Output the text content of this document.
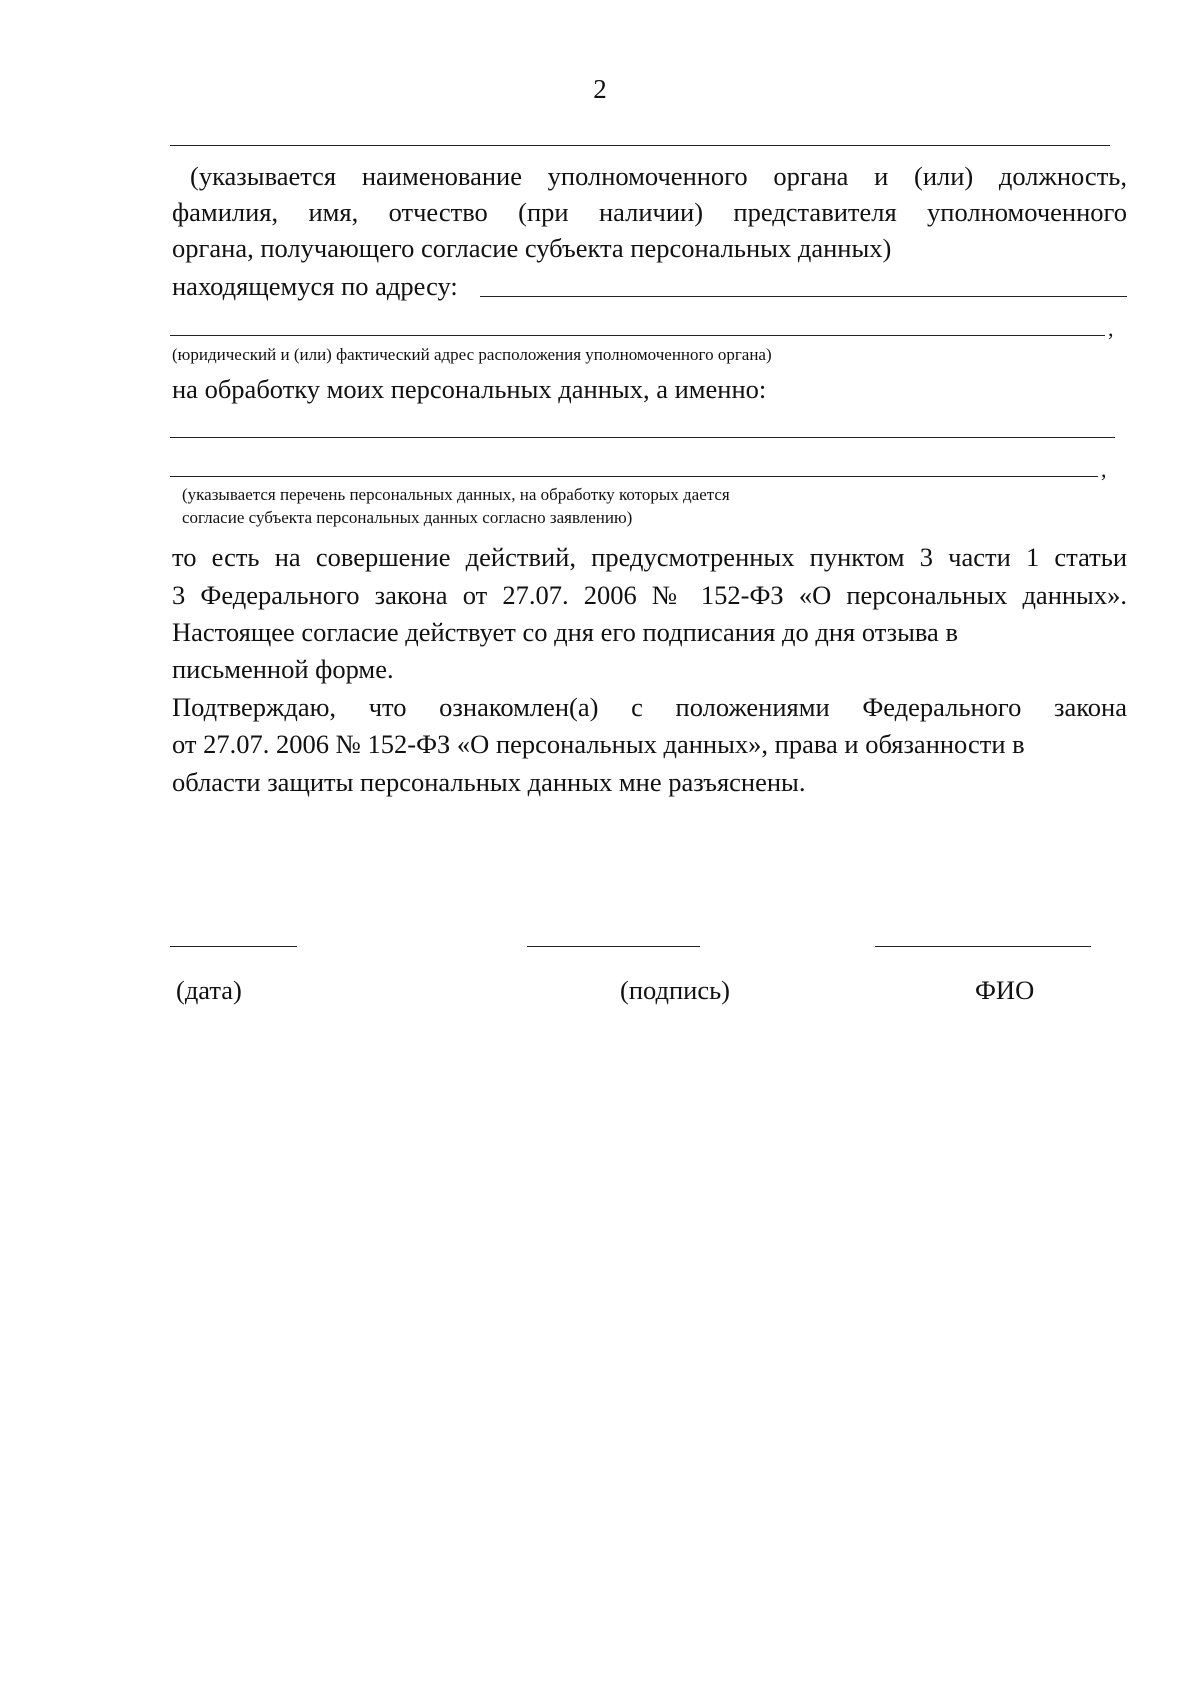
2
(указывается наименование уполномоченного органа и (или) должность,
фамилия, имя, отчество (при наличии) представителя уполномоченного
органа, получающего согласие субъекта персональных данных)
находящемуся по адресу:
,
(юридический и (или) фактический адрес расположения уполномоченного органа)
на обработку моих персональных данных, а именно:
,
(указывается перечень персональных данных, на обработку которых дается
согласие субъекта персональных данных согласно заявлению)
то есть на совершение действий, предусмотренных пунктом 3 части 1 статьи
3 Федерального закона от 27.07. 2006 № 152-ФЗ «О персональных данных».
Настоящее согласие действует со дня его подписания до дня отзыва в
письменной форме.
Подтверждаю, что ознакомлен(а) с положениями Федерального закона
от 27.07. 2006 № 152-ФЗ «О персональных данных», права и обязанности в
области защиты персональных данных мне разъяснены.
(дата)	(подпись)	ФИО
